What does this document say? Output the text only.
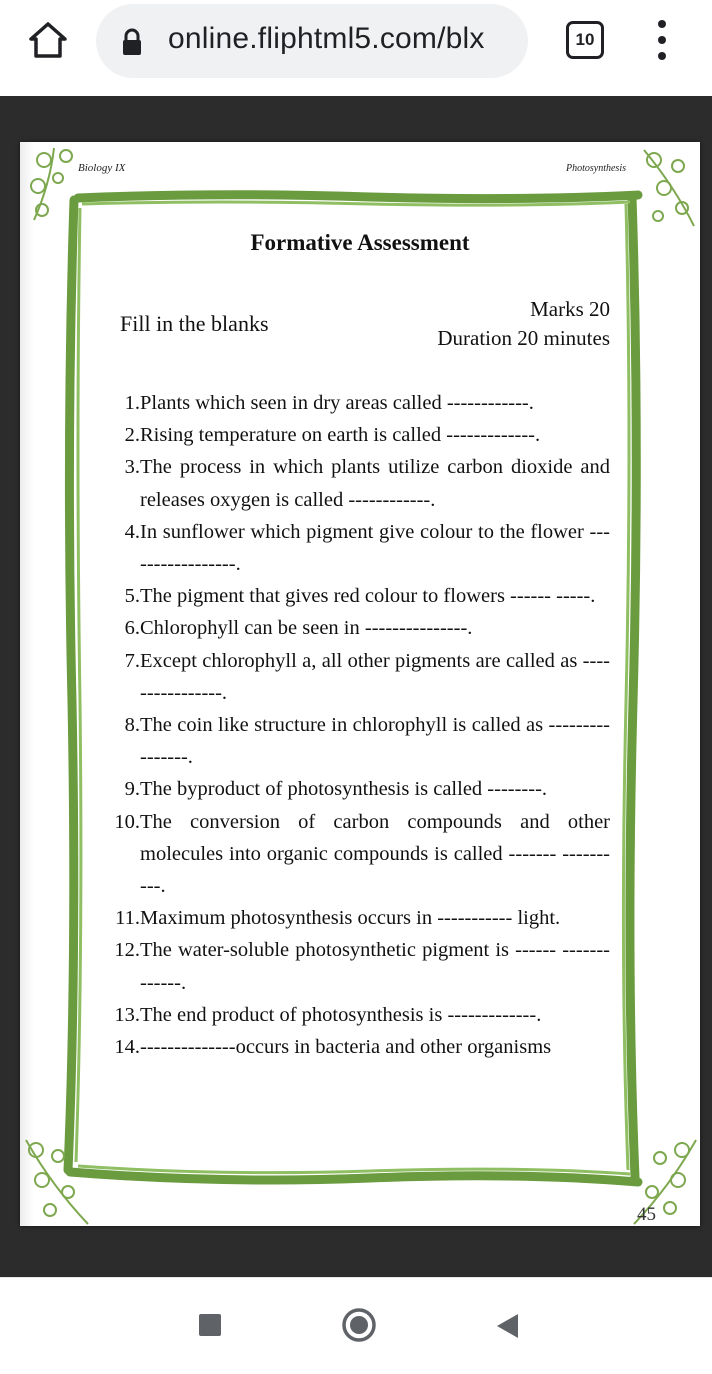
online.fliphtml5.com/blx	10
Biology IX	Photosynthesis
Formative Assessment
Fill in the blanks
Marks 20
Duration 20 minutes
1. Plants which seen in dry areas called ------------.
2. Rising temperature on earth is called -------------.
3. The process in which plants utilize carbon dioxide and releases oxygen is called ------------.
4. In sunflower which pigment give colour to the flower -----------------.
5. The pigment that gives red colour to flowers ------ -----.
6. Chlorophyll can be seen in ---------------.
7. Except chlorophyll a, all other pigments are called as ----------------.
8. The coin like structure in chlorophyll is called as ----------------.
9. The byproduct of photosynthesis is called --------.
10. The conversion of carbon compounds and other molecules into organic compounds is called ------- ----------.
11. Maximum photosynthesis occurs in ----------- light.
12. The water-soluble photosynthetic pigment is ------ -------------.
13. The end product of photosynthesis is -------------.
14. --------------occurs in bacteria and other organisms
45
